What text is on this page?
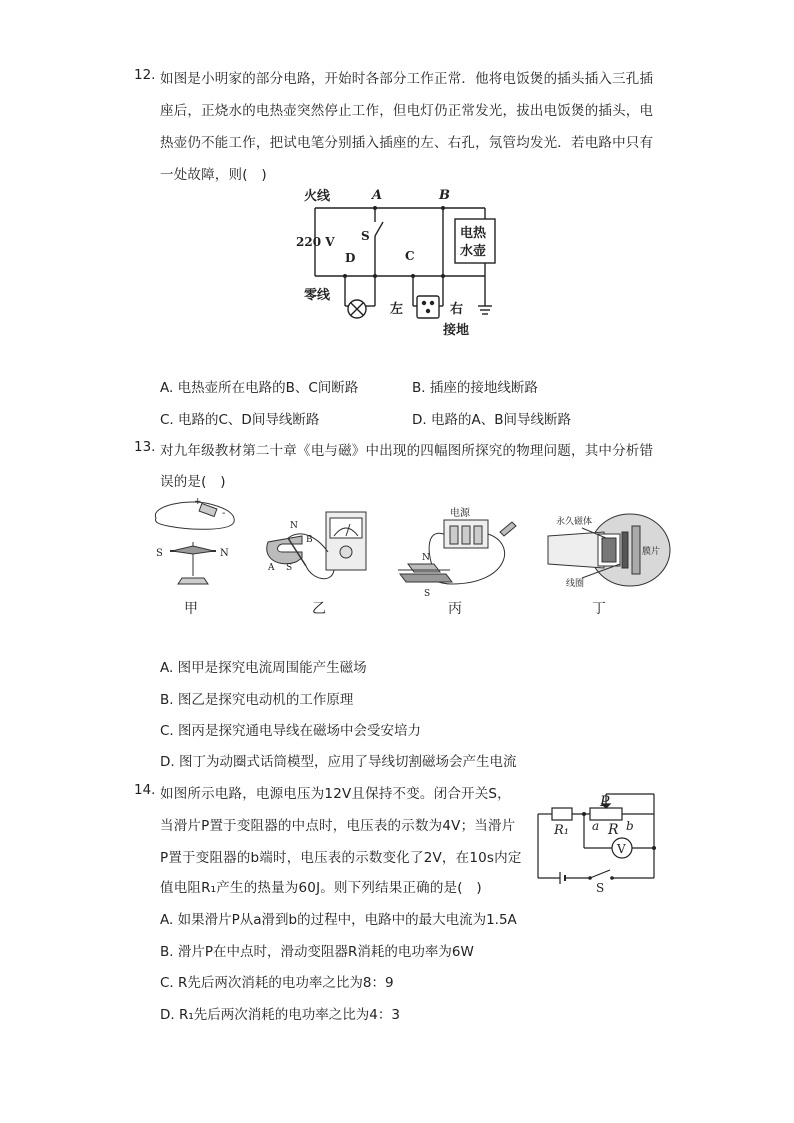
12. 如图是小明家的部分电路，开始时各部分工作正常．他将电饭煲的插头插入三孔插
座后，正烧水的电热壶突然停止工作，但电灯仍正常发光，拔出电饭煲的插头，电
热壶仍不能工作，把试电笔分别插入插座的左、右孔，氖管均发光．若电路中只有
一处故障，则(　)
火线	A	B
220 V S
D	C
电热
水壶
零线
左	右
接地
A. 电热壶所在电路的B、C间断路	B. 插座的接地线断路
C. 电路的C、D间导线断路	D. 电路的A、B间导线断路
13. 对九年级教材第二十章《电与磁》中出现的四幅图所探究的物理问题，其中分析错
误的是(　)
+
-
S	N
甲
N
B
A S
乙
电源
N
S
丙
永久磁体
线圈
膜片
丁
A. 图甲是探究电流周围能产生磁场
B. 图乙是探究电动机的工作原理
C. 图丙是探究通电导线在磁场中会受安培力
D. 图丁为动圈式话筒模型，应用了导线切割磁场会产生电流
14. 如图所示电路，电源电压为12V且保持不变。闭合开关S，
当滑片P置于变阻器的中点时，电压表的示数为4V；当滑片
P置于变阻器的b端时，电压表的示数变化了2V，在10s内定
值电阻R₁产生的热量为60J。则下列结果正确的是(　)
P
R₁ a R b
V
S
A. 如果滑片P从a滑到b的过程中，电路中的最大电流为1.5A
B. 滑片P在中点时，滑动变阻器R消耗的电功率为6W
C. R先后两次消耗的电功率之比为8：9
D. R₁先后两次消耗的电功率之比为4：3
